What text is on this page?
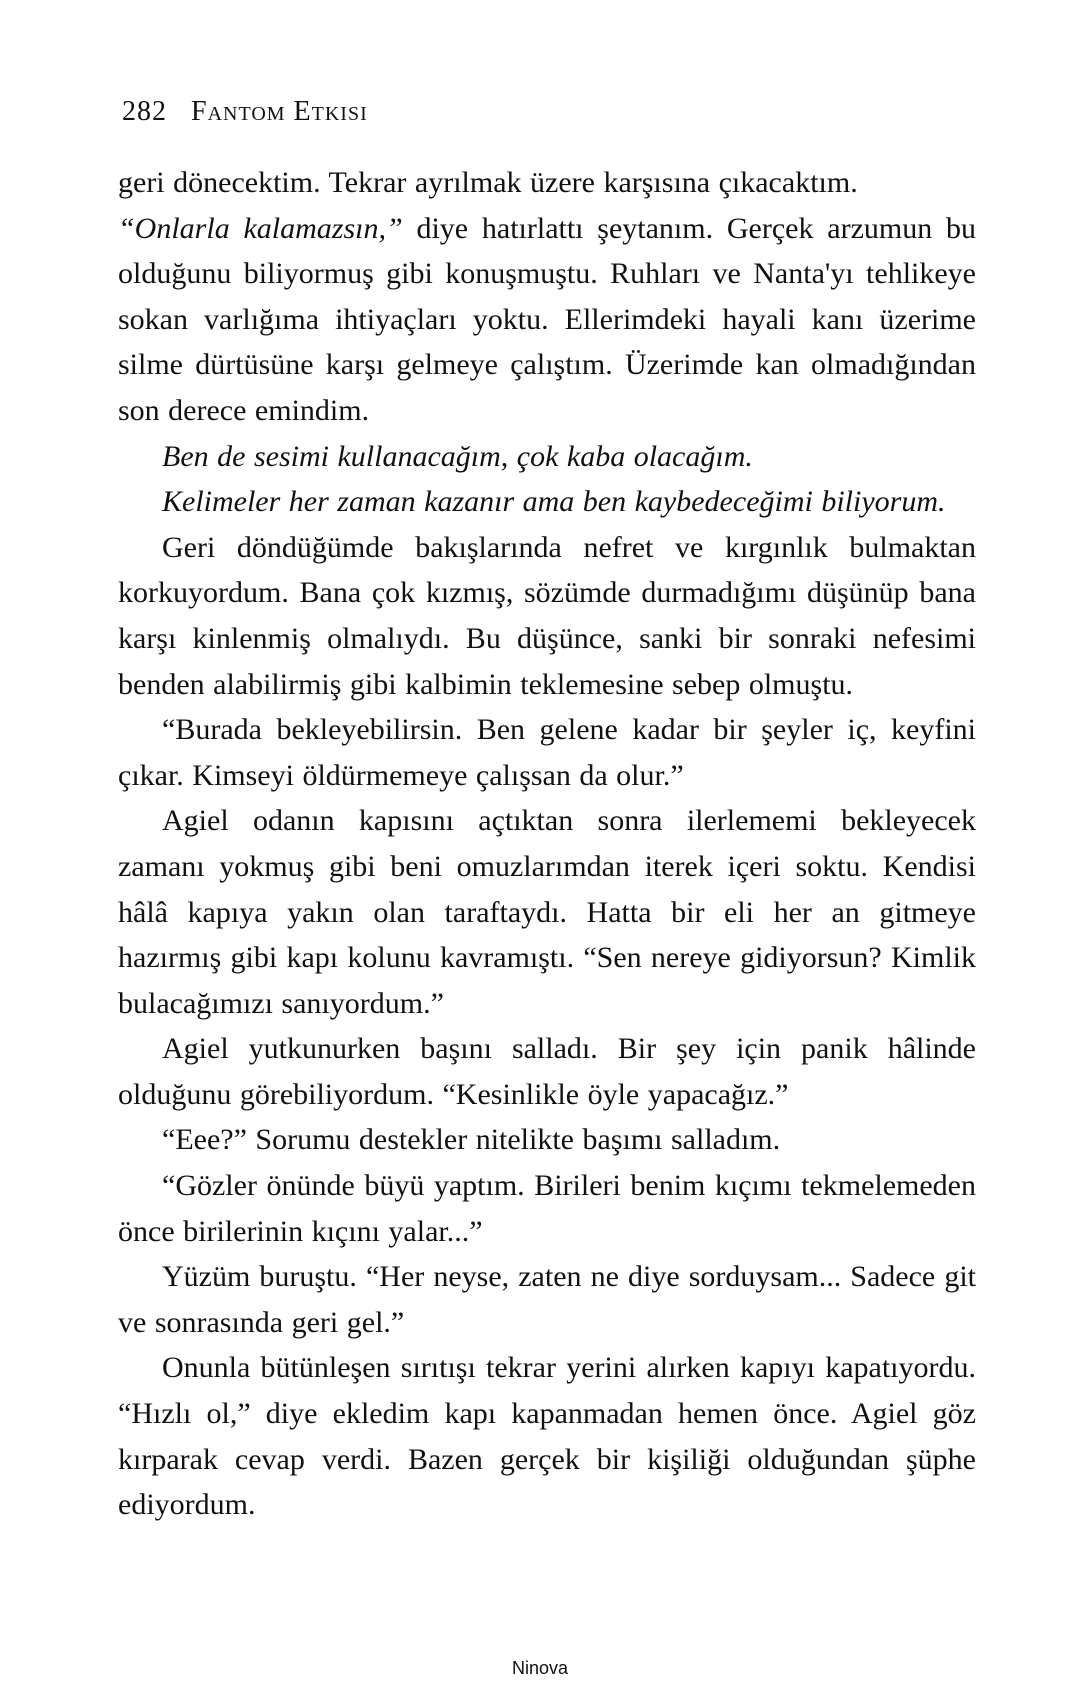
282 Fantom Etkisi

geri dönecektim. Tekrar ayrılmak üzere karşısına çıkacaktım.

“Onlarla kalamazsın,” diye hatırlattı şeytanım. Gerçek arzumun bu olduğunu biliyormuş gibi konuşmuştu. Ruhları ve Nanta'yı tehlikeye sokan varlığıma ihtiyaçları yoktu. Ellerimdeki hayali kanı üzerime silme dürtüsüne karşı gelmeye çalıştım. Üzerimde kan olmadığından son derece emindim.

Ben de sesimi kullanacağım, çok kaba olacağım.

Kelimeler her zaman kazanır ama ben kaybedeceğimi biliyorum.

Geri döndüğümde bakışlarında nefret ve kırgınlık bulmaktan korkuyordum. Bana çok kızmış, sözümde durmadığımı düşünüp bana karşı kinlenmiş olmalıydı. Bu düşünce, sanki bir sonraki nefesimi benden alabilirmiş gibi kalbimin teklemesine sebep olmuştu.

“Burada bekleyebilirsin. Ben gelene kadar bir şeyler iç, keyfini çıkar. Kimseyi öldürmemeye çalışsan da olur.”

Agiel odanın kapısını açtıktan sonra ilerlememi bekleyecek zamanı yokmuş gibi beni omuzlarımdan iterek içeri soktu. Kendisi hâlâ kapıya yakın olan taraftaydı. Hatta bir eli her an gitmeye hazırmış gibi kapı kolunu kavramıştı. “Sen nereye gidiyorsun? Kimlik bulacağımızı sanıyordum.”

Agiel yutkunurken başını salladı. Bir şey için panik hâlinde olduğunu görebiliyordum. “Kesinlikle öyle yapacağız.”

“Eee?” Sorumu destekler nitelikte başımı salladım.

“Gözler önünde büyü yaptım. Birileri benim kıçımı tekmelemeden önce birilerinin kıçını yalar...”

Yüzüm buruştu. “Her neyse, zaten ne diye sorduysam... Sadece git ve sonrasında geri gel.”

Onunla bütünleşen sırıtışı tekrar yerini alırken kapıyı kapatıyordu. “Hızlı ol,” diye ekledim kapı kapanmadan hemen önce. Agiel göz kırparak cevap verdi. Bazen gerçek bir kişiliği olduğundan şüphe ediyordum.

Ninova
